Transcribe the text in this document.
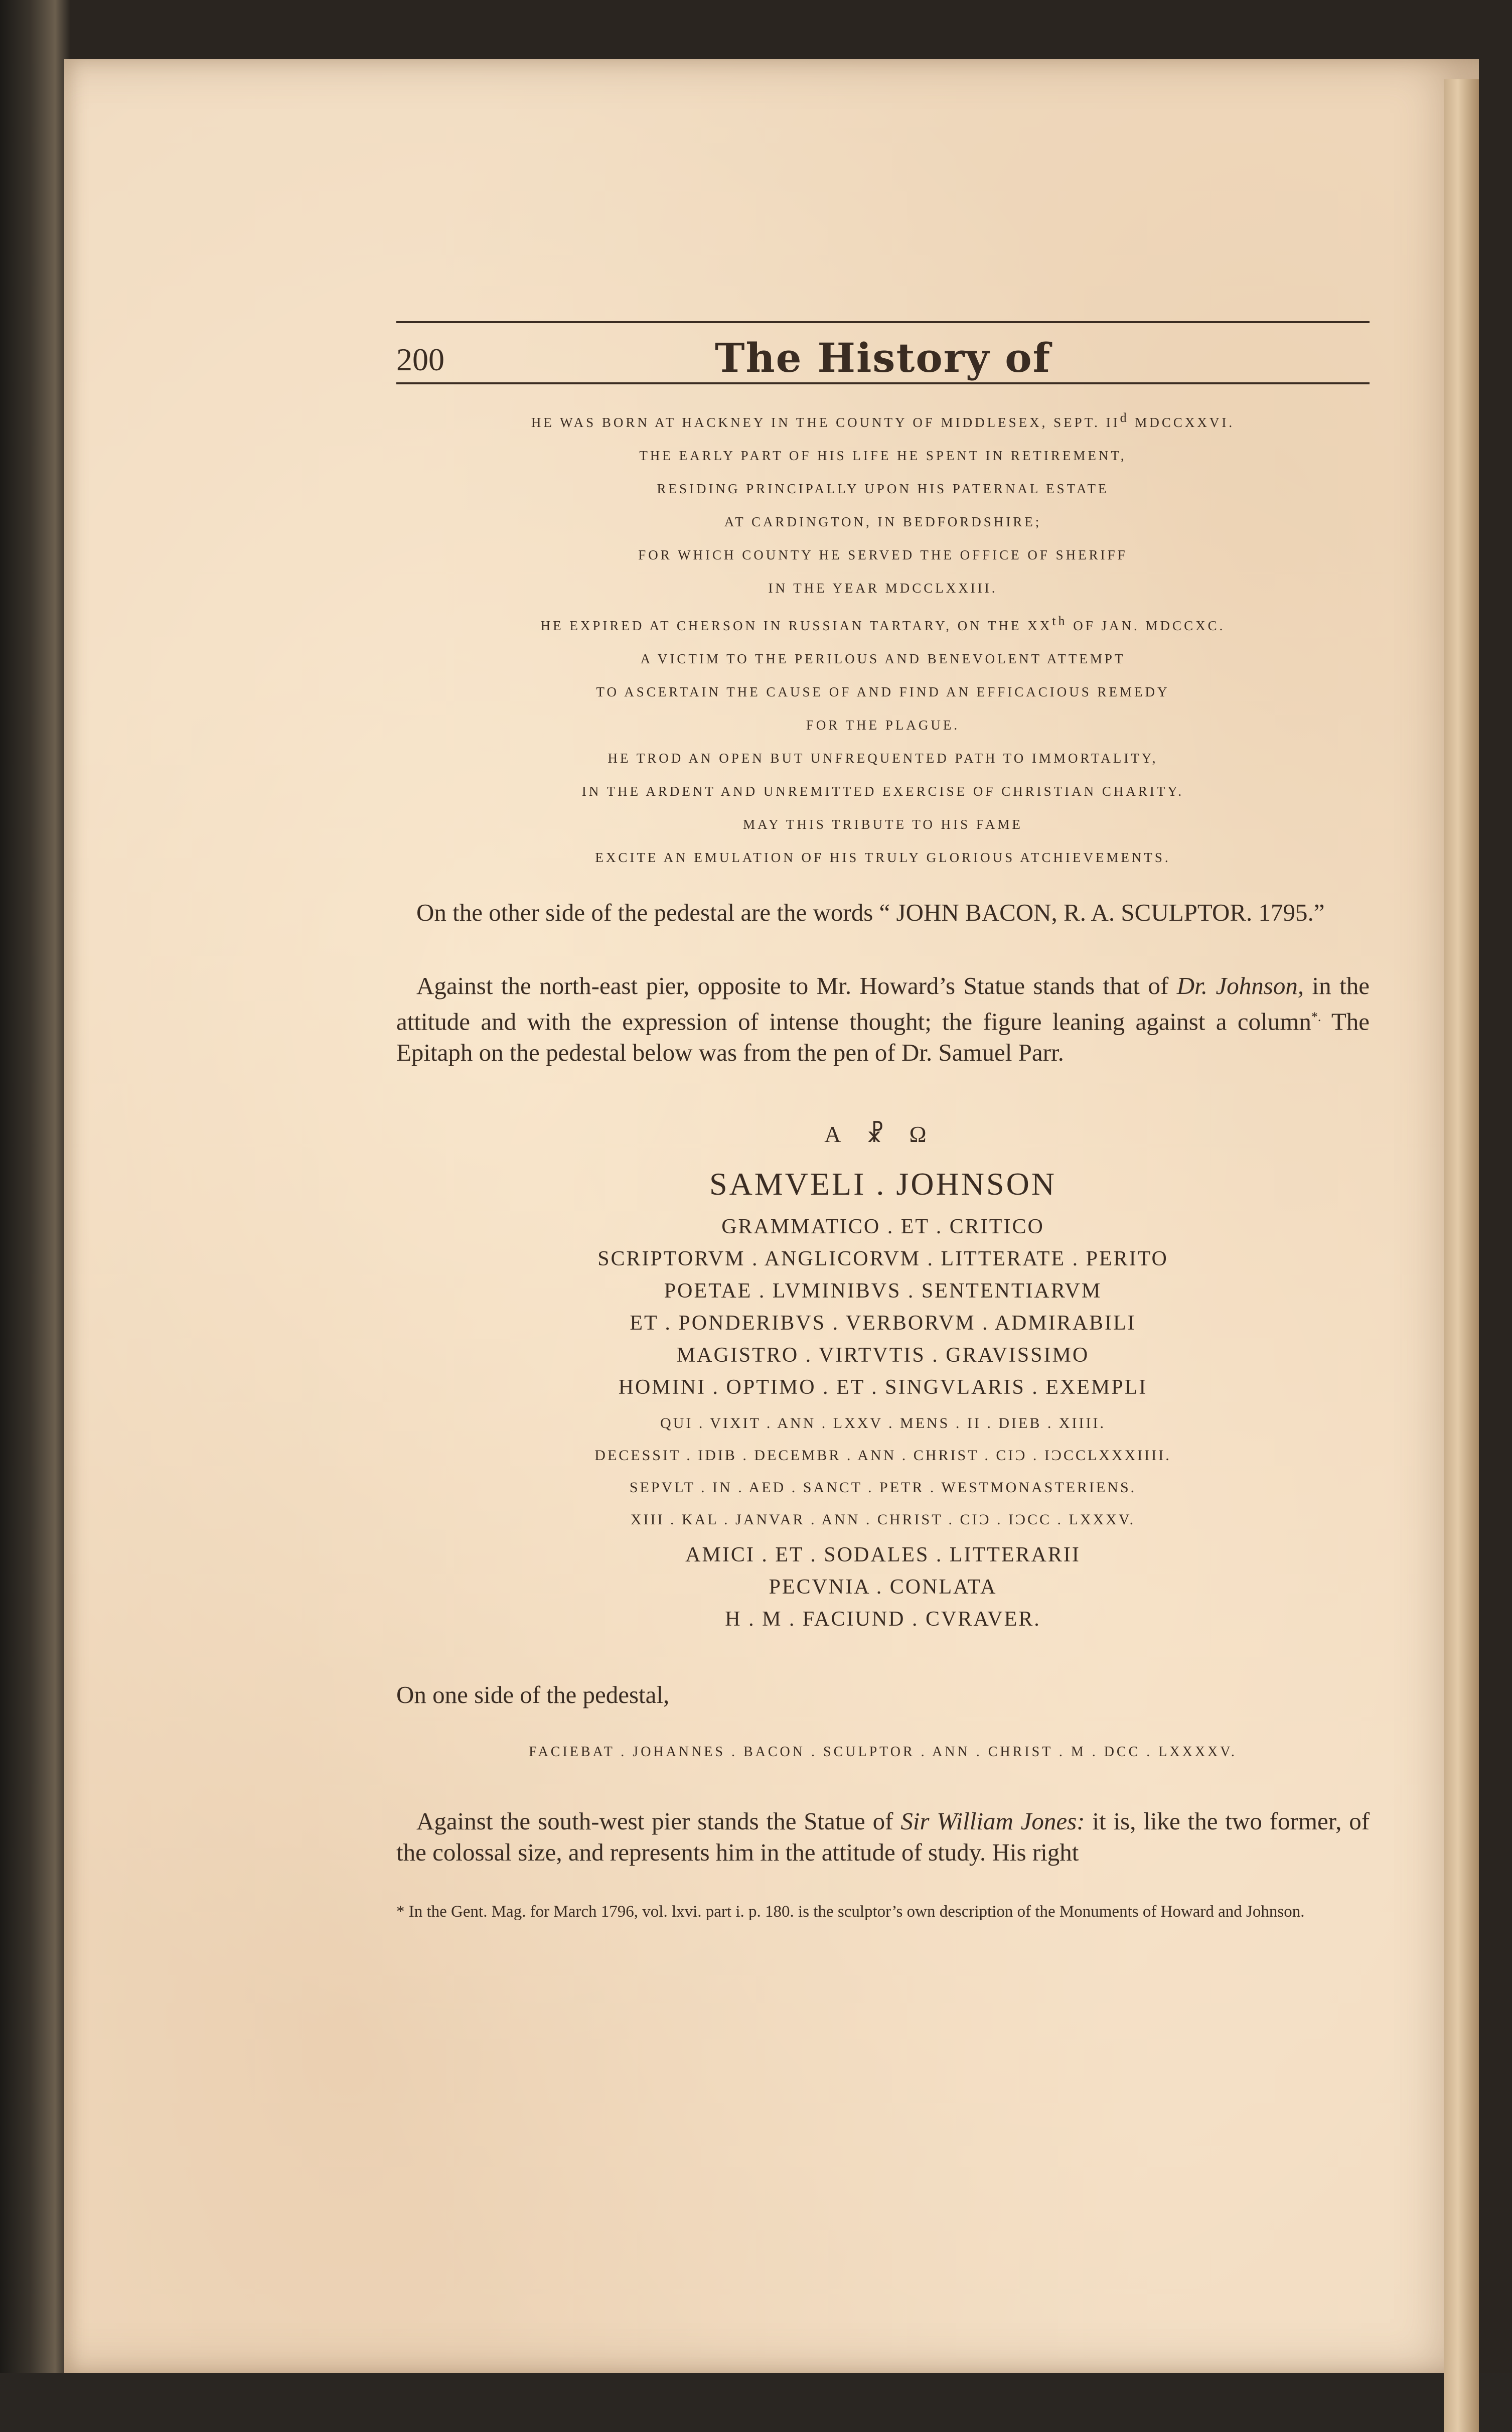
200	The History of
HE WAS BORN AT HACKNEY IN THE COUNTY OF MIDDLESEX, SEPT. IId MDCCXXVI.
THE EARLY PART OF HIS LIFE HE SPENT IN RETIREMENT,
RESIDING PRINCIPALLY UPON HIS PATERNAL ESTATE
AT CARDINGTON, IN BEDFORDSHIRE;
FOR WHICH COUNTY HE SERVED THE OFFICE OF SHERIFF
IN THE YEAR MDCCLXXIII.
HE EXPIRED AT CHERSON IN RUSSIAN TARTARY, ON THE XXth OF JAN. MDCCXC.
A VICTIM TO THE PERILOUS AND BENEVOLENT ATTEMPT
TO ASCERTAIN THE CAUSE OF AND FIND AN EFFICACIOUS REMEDY
FOR THE PLAGUE.
HE TROD AN OPEN BUT UNFREQUENTED PATH TO IMMORTALITY,
IN THE ARDENT AND UNREMITTED EXERCISE OF CHRISTIAN CHARITY.
MAY THIS TRIBUTE TO HIS FAME
EXCITE AN EMULATION OF HIS TRULY GLORIOUS ATCHIEVEMENTS.

On the other side of the pedestal are the words “ JOHN BACON, R. A. SCULPTOR. 1795.”

Against the north-east pier, opposite to Mr. Howard’s Statue stands that of Dr. Johnson, in the attitude and with the expression of intense thought; the figure leaning against a column*. The Epitaph on the pedestal below was from the pen of Dr. Samuel Parr.

Α ☧ Ω
SAMVELI . JOHNSON
GRAMMATICO . ET . CRITICO
SCRIPTORVM . ANGLICORVM . LITTERATE . PERITO
POETAE . LVMINIBVS . SENTENTIARVM
ET . PONDERIBVS . VERBORVM . ADMIRABILI
MAGISTRO . VIRTVTIS . GRAVISSIMO
HOMINI . OPTIMO . ET . SINGVLARIS . EXEMPLI
QUI . VIXIT . ANN . LXXV . MENS . II . DIEB . XIIII.
DECESSIT . IDIB . DECEMBR . ANN . CHRIST . CIƆ . IƆCCLXXXIIII.
SEPVLT . IN . AED . SANCT . PETR . WESTMONASTERIENS.
XIII . KAL . JANVAR . ANN . CHRIST . CIƆ . IƆCC . LXXXV.
AMICI . ET . SODALES . LITTERARII
PECVNIA . CONLATA
H . M . FACIUND . CVRAVER.

On one side of the pedestal,

FACIEBAT . JOHANNES . BACON . SCULPTOR . ANN . CHRIST . M . DCC . LXXXXV.

Against the south-west pier stands the Statue of Sir William Jones: it is, like the two former, of the colossal size, and represents him in the attitude of study. His right

* In the Gent. Mag. for March 1796, vol. lxvi. part i. p. 180. is the sculptor’s own description of the Monuments of Howard and Johnson.
